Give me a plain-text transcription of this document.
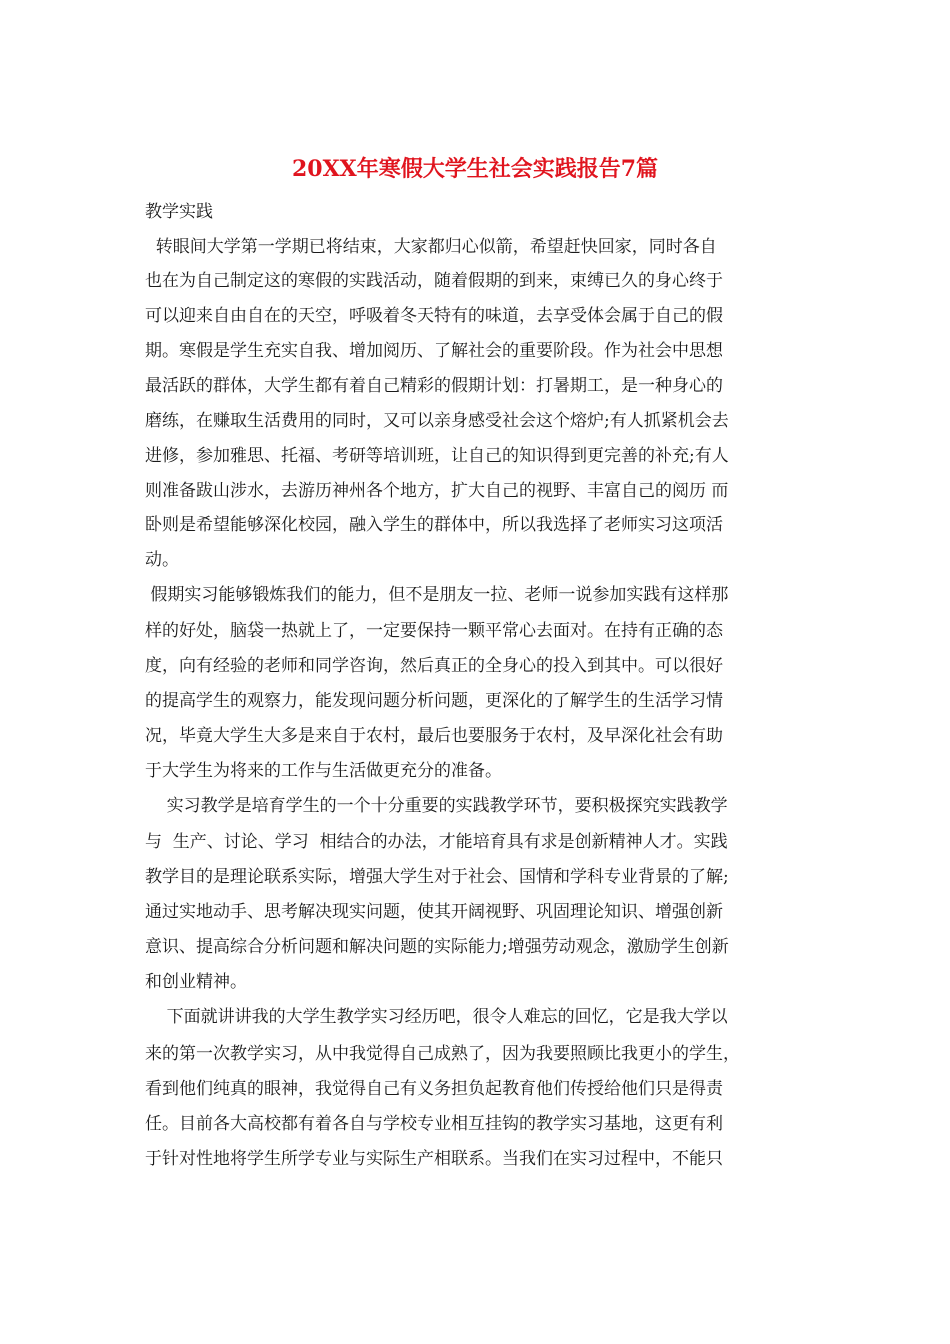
20XX年寒假大学生社会实践报告7篇
教学实践
转眼间大学第一学期已将结束，大家都归心似箭，希望赶快回家，同时各自
也在为自己制定这的寒假的实践活动，随着假期的到来，束缚已久的身心终于
可以迎来自由自在的天空，呼吸着冬天特有的味道，去享受体会属于自己的假
期。寒假是学生充实自我、增加阅历、了解社会的重要阶段。作为社会中思想
最活跃的群体，大学生都有着自己精彩的假期计划：打暑期工，是一种身心的
磨练，在赚取生活费用的同时，又可以亲身感受社会这个熔炉;有人抓紧机会去
进修，参加雅思、托福、考研等培训班，让自己的知识得到更完善的补充;有人
则准备跋山涉水，去游历神州各个地方，扩大自己的视野、丰富自己的阅历 而
卧则是希望能够深化校园，融入学生的群体中，所以我选择了老师实习这项活
动。
假期实习能够锻炼我们的能力，但不是朋友一拉、老师一说参加实践有这样那
样的好处，脑袋一热就上了，一定要保持一颗平常心去面对。在持有正确的态
度，向有经验的老师和同学咨询，然后真正的全身心的投入到其中。可以很好
的提高学生的观察力，能发现问题分析问题，更深化的了解学生的生活学习情
况，毕竟大学生大多是来自于农村，最后也要服务于农村，及早深化社会有助
于大学生为将来的工作与生活做更充分的准备。
实习教学是培育学生的一个十分重要的实践教学环节，要积极探究实践教学
与  生产、讨论、学习  相结合的办法，才能培育具有求是创新精神人才。实践
教学目的是理论联系实际，增强大学生对于社会、国情和学科专业背景的了解;
通过实地动手、思考解决现实问题，使其开阔视野、巩固理论知识、增强创新
意识、提高综合分析问题和解决问题的实际能力;增强劳动观念，激励学生创新
和创业精神。
下面就讲讲我的大学生教学实习经历吧，很令人难忘的回忆，它是我大学以
来的第一次教学实习，从中我觉得自己成熟了，因为我要照顾比我更小的学生，
看到他们纯真的眼神，我觉得自己有义务担负起教育他们传授给他们只是得责
任。目前各大高校都有着各自与学校专业相互挂钩的教学实习基地，这更有利
于针对性地将学生所学专业与实际生产相联系。当我们在实习过程中，不能只
